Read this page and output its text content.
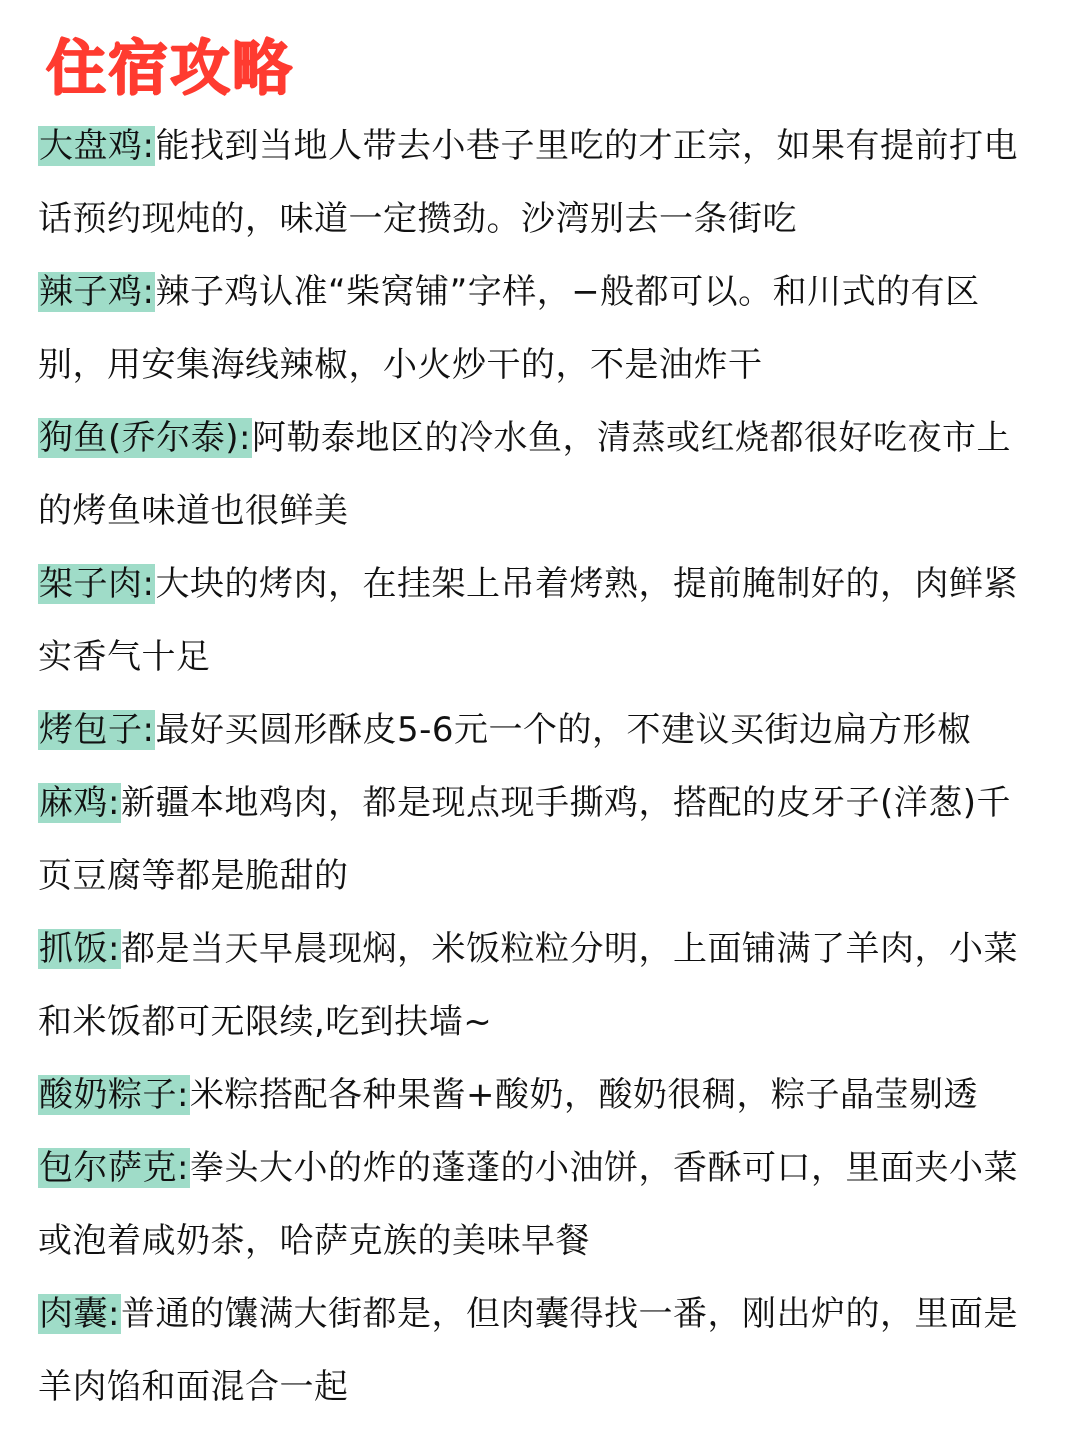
住宿攻略

大盘鸡:能找到当地人带去小巷子里吃的才正宗，如果有提前打电话预约现炖的，味道一定攒劲。沙湾别去一条街吃

辣子鸡:辣子鸡认准“柴窝铺”字样，−般都可以。和川式的有区别，用安集海线辣椒，小火炒干的，不是油炸干

狗鱼(乔尔泰):阿勒泰地区的冷水鱼，清蒸或红烧都很好吃夜市上的烤鱼味道也很鲜美

架子肉:大块的烤肉，在挂架上吊着烤熟，提前腌制好的，肉鲜紧实香气十足

烤包子:最好买圆形酥皮5-6元一个的，不建议买街边扁方形椒

麻鸡:新疆本地鸡肉，都是现点现手撕鸡，搭配的皮牙子(洋葱)千页豆腐等都是脆甜的

抓饭:都是当天早晨现焖，米饭粒粒分明，上面铺满了羊肉，小菜和米饭都可无限续,吃到扶墙~

酸奶粽子:米粽搭配各种果酱+酸奶，酸奶很稠，粽子晶莹剔透

包尔萨克:拳头大小的炸的蓬蓬的小油饼，香酥可口，里面夹小菜或泡着咸奶茶，哈萨克族的美味早餐

肉囊:普通的馕满大街都是，但肉囊得找一番，刚出炉的，里面是羊肉馅和面混合一起
